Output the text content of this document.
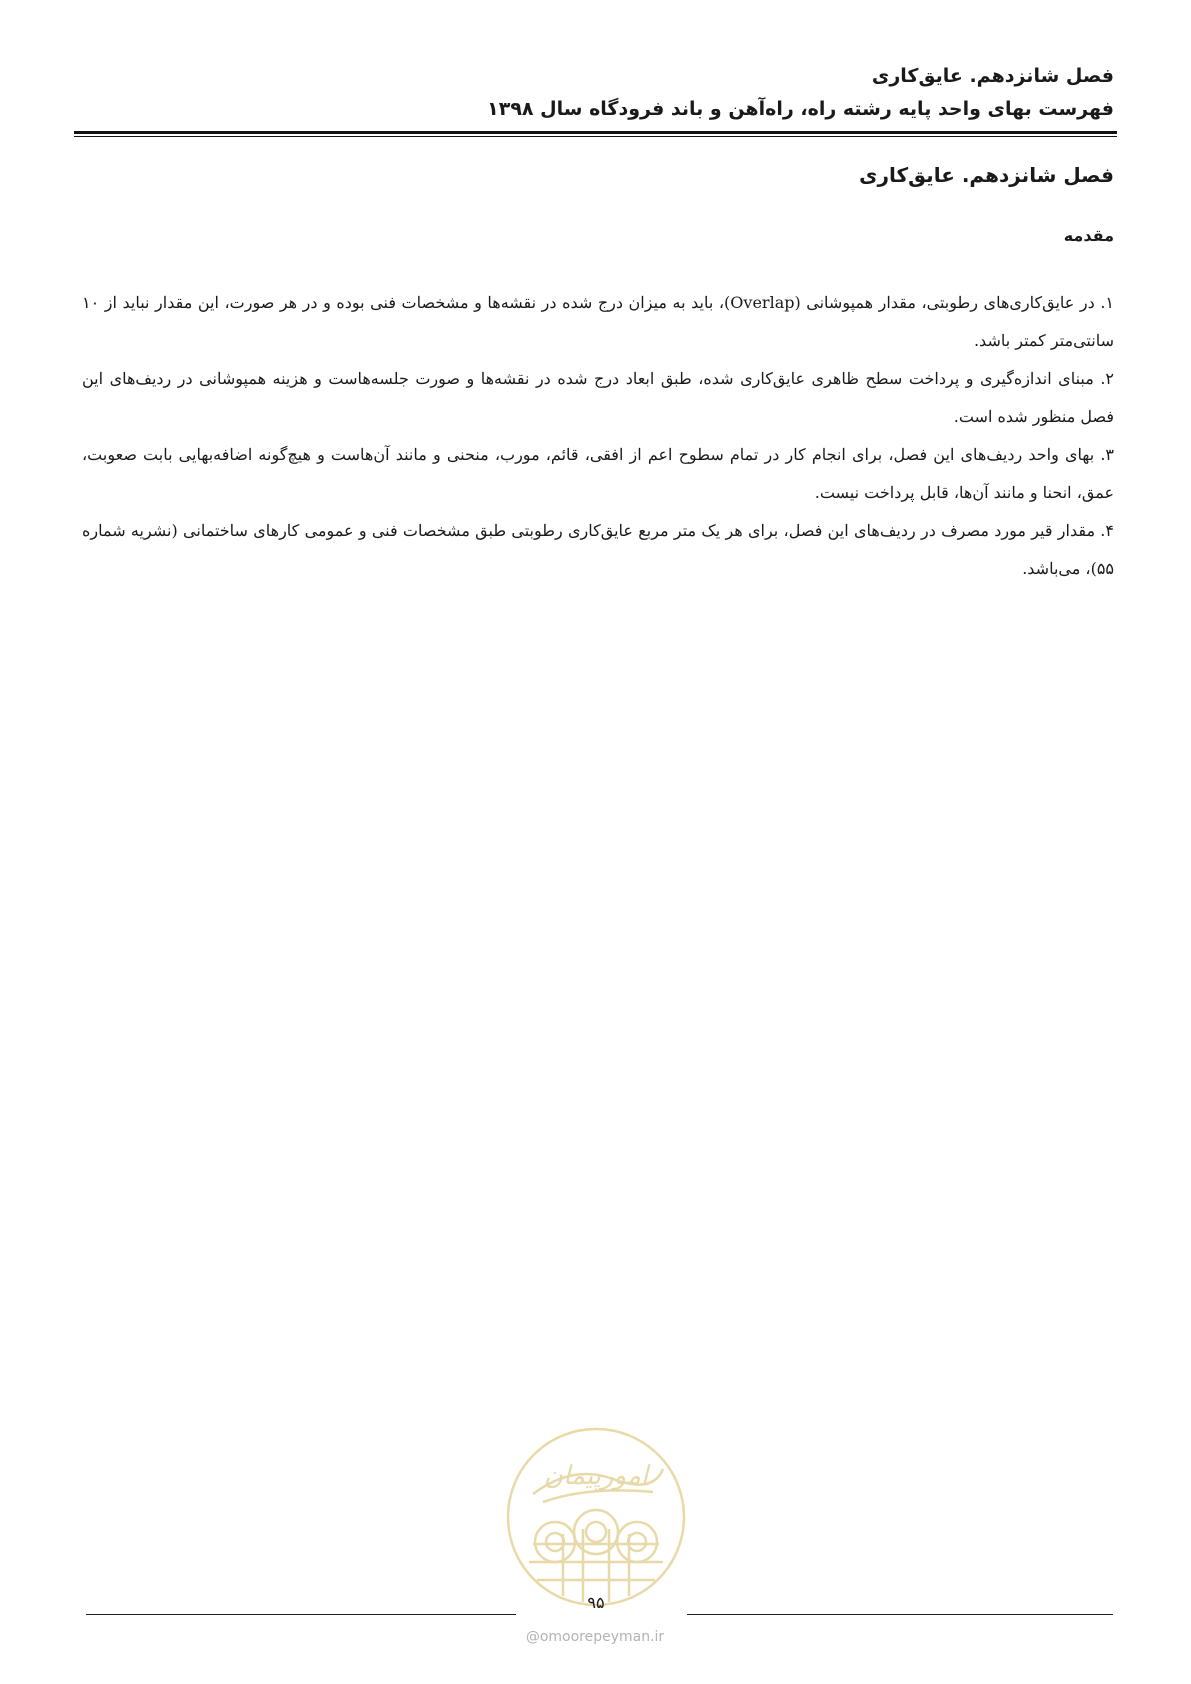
فصل شانزدهم. عایق‌کاری
فهرست بهای واحد پایه رشته راه، راه‌آهن و باند فرودگاه سال ۱۳۹۸
فصل شانزدهم. عایق‌کاری
مقدمه

۱. در عایق‌کاری‌های رطوبتی، مقدار همپوشانی (Overlap)، باید به میزان درج شده در نقشه‌ها و مشخصات فنی بوده و در هر صورت، این مقدار نباید از ۱۰ سانتی‌متر کمتر باشد.

۲. مبنای اندازه‌گیری و پرداخت سطح ظاهری عایق‌کاری شده، طبق ابعاد درج شده در نقشه‌ها و صورت جلسه‌هاست و هزینه همپوشانی در ردیف‌های این فصل منظور شده است.

۳. بهای واحد ردیف‌های این فصل، برای انجام کار در تمام سطوح اعم از افقی، قائم، مورب، منحنی و مانند آن‌هاست و هیچ‌گونه اضافه‌بهایی بابت صعوبت، عمق، انحنا و مانند آن‌ها، قابل پرداخت نیست.

۴. مقدار قیر مورد مصرف در ردیف‌های این فصل، برای هر یک متر مربع عایق‌کاری رطوبتی طبق مشخصات فنی و عمومی کارهای ساختمانی (نشریه شماره ۵۵)، می‌باشد.

امورپیمان
۹۵
@omoorepeyman.ir
